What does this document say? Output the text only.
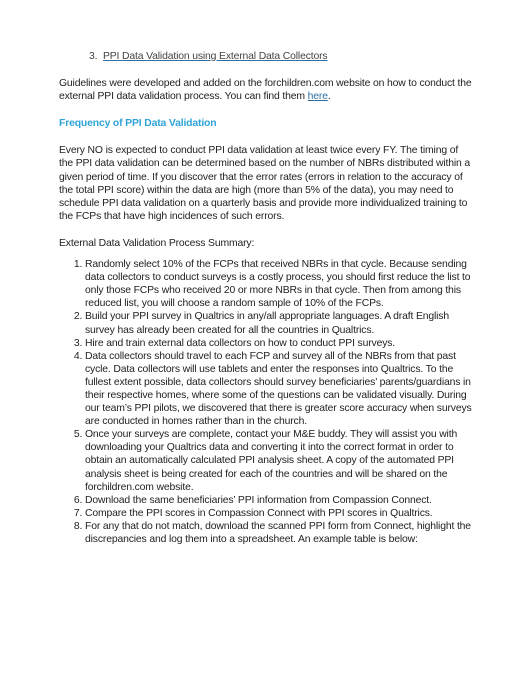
3. PPI Data Validation using External Data Collectors

Guidelines were developed and added on the forchildren.com website on how to conduct the external PPI data validation process. You can find them here.

Frequency of PPI Data Validation

Every NO is expected to conduct PPI data validation at least twice every FY. The timing of the PPI data validation can be determined based on the number of NBRs distributed within a given period of time. If you discover that the error rates (errors in relation to the accuracy of the total PPI score) within the data are high (more than 5% of the data), you may need to schedule PPI data validation on a quarterly basis and provide more individualized training to the FCPs that have high incidences of such errors.

External Data Validation Process Summary:

1. Randomly select 10% of the FCPs that received NBRs in that cycle. Because sending data collectors to conduct surveys is a costly process, you should first reduce the list to only those FCPs who received 20 or more NBRs in that cycle. Then from among this reduced list, you will choose a random sample of 10% of the FCPs.
2. Build your PPI survey in Qualtrics in any/all appropriate languages. A draft English survey has already been created for all the countries in Qualtrics.
3. Hire and train external data collectors on how to conduct PPI surveys.
4. Data collectors should travel to each FCP and survey all of the NBRs from that past cycle. Data collectors will use tablets and enter the responses into Qualtrics. To the fullest extent possible, data collectors should survey beneficiaries’ parents/guardians in their respective homes, where some of the questions can be validated visually. During our team’s PPI pilots, we discovered that there is greater score accuracy when surveys are conducted in homes rather than in the church.
5. Once your surveys are complete, contact your M&E buddy. They will assist you with downloading your Qualtrics data and converting it into the correct format in order to obtain an automatically calculated PPI analysis sheet. A copy of the automated PPI analysis sheet is being created for each of the countries and will be shared on the forchildren.com website.
6. Download the same beneficiaries’ PPI information from Compassion Connect.
7. Compare the PPI scores in Compassion Connect with PPI scores in Qualtrics.
8. For any that do not match, download the scanned PPI form from Connect, highlight the discrepancies and log them into a spreadsheet. An example table is below:
